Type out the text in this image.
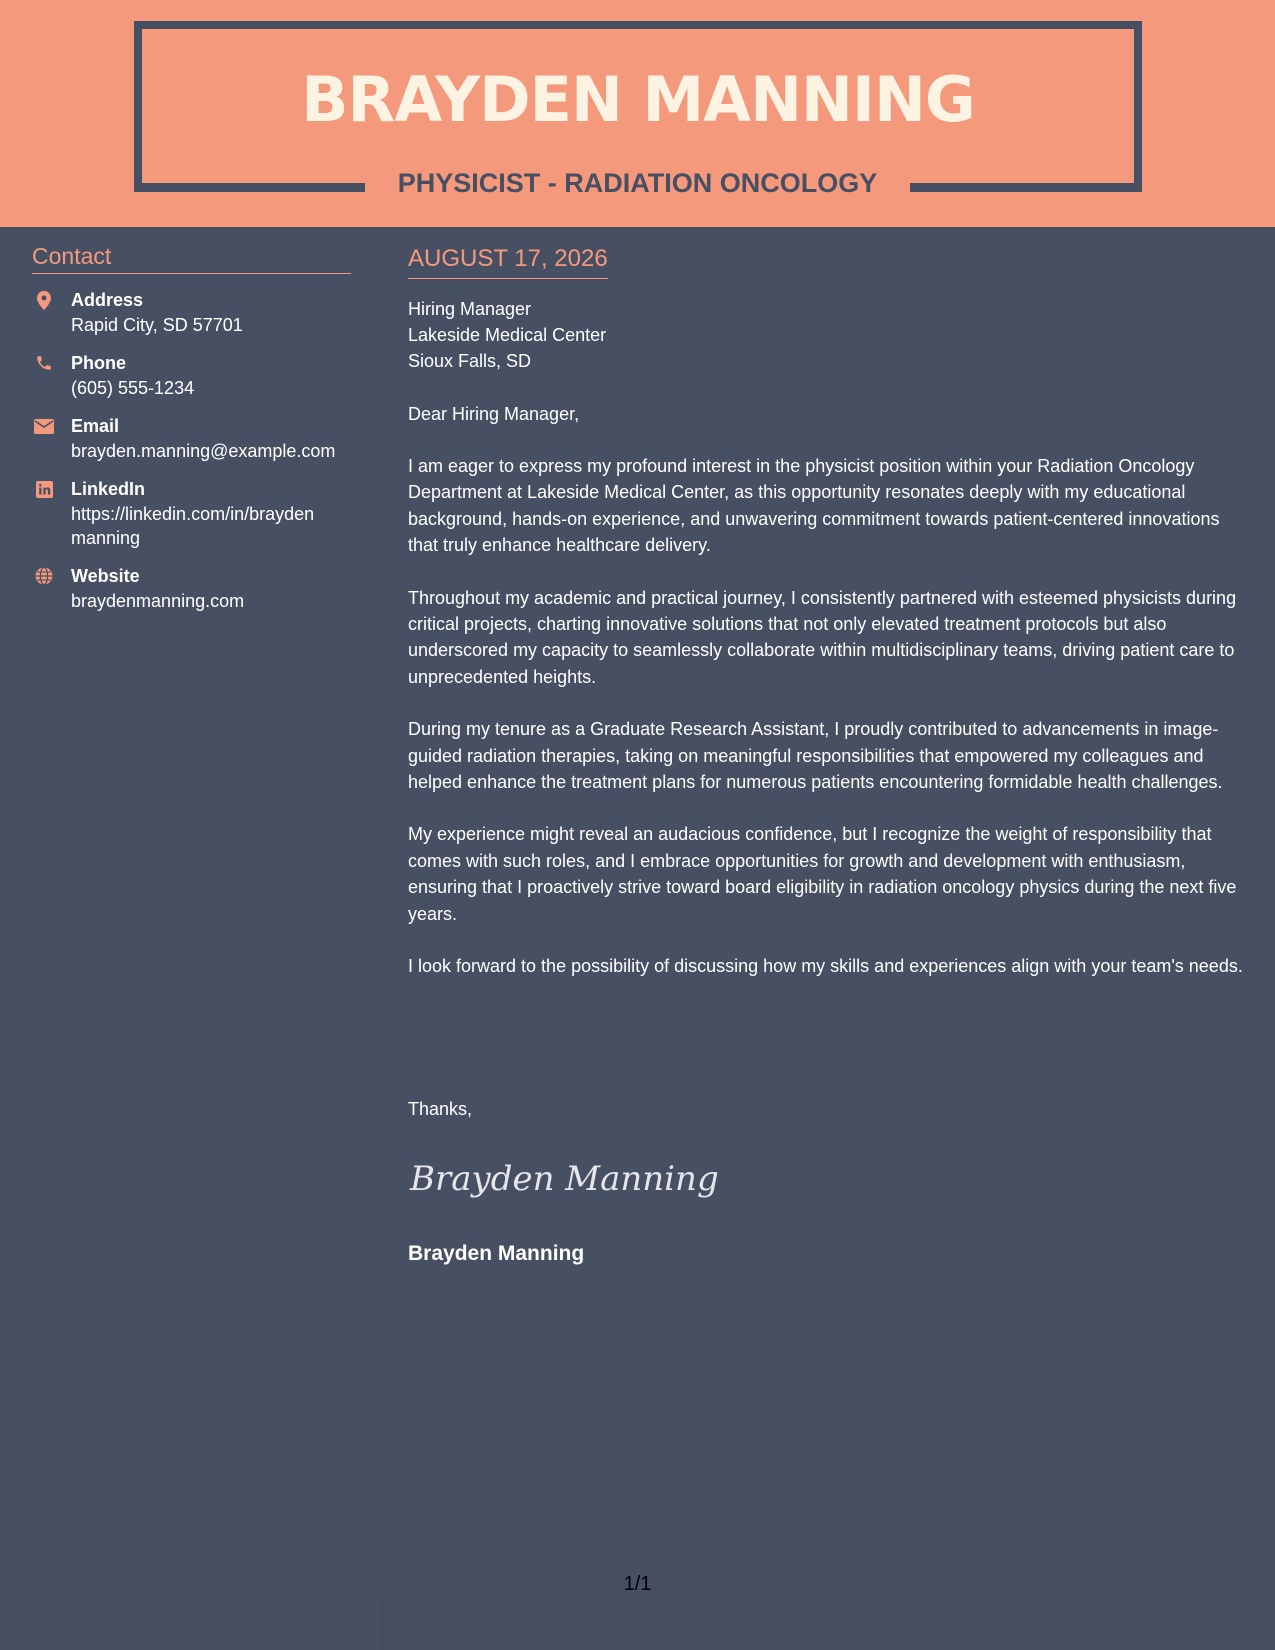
BRAYDEN MANNING
PHYSICIST - RADIATION ONCOLOGY
Contact
Address
Rapid City, SD 57701
Phone
(605) 555-1234
Email
brayden.manning@example.com
LinkedIn
https://linkedin.com/in/brayden manning
Website
braydenmanning.com
AUGUST 17, 2026
Hiring Manager
Lakeside Medical Center
Sioux Falls, SD
Dear Hiring Manager,

I am eager to express my profound interest in the physicist position within your Radiation Oncology Department at Lakeside Medical Center, as this opportunity resonates deeply with my educational background, hands-on experience, and unwavering commitment towards patient-centered innovations that truly enhance healthcare delivery.

Throughout my academic and practical journey, I consistently partnered with esteemed physicists during critical projects, charting innovative solutions that not only elevated treatment protocols but also underscored my capacity to seamlessly collaborate within multidisciplinary teams, driving patient care to unprecedented heights.

During my tenure as a Graduate Research Assistant, I proudly contributed to advancements in image-guided radiation therapies, taking on meaningful responsibilities that empowered my colleagues and helped enhance the treatment plans for numerous patients encountering formidable health challenges.

My experience might reveal an audacious confidence, but I recognize the weight of responsibility that comes with such roles, and I embrace opportunities for growth and development with enthusiasm, ensuring that I proactively strive toward board eligibility in radiation oncology physics during the next five years.

I look forward to the possibility of discussing how my skills and experiences align with your team's needs.

Thanks,
Brayden Manning
Brayden Manning
1/1
